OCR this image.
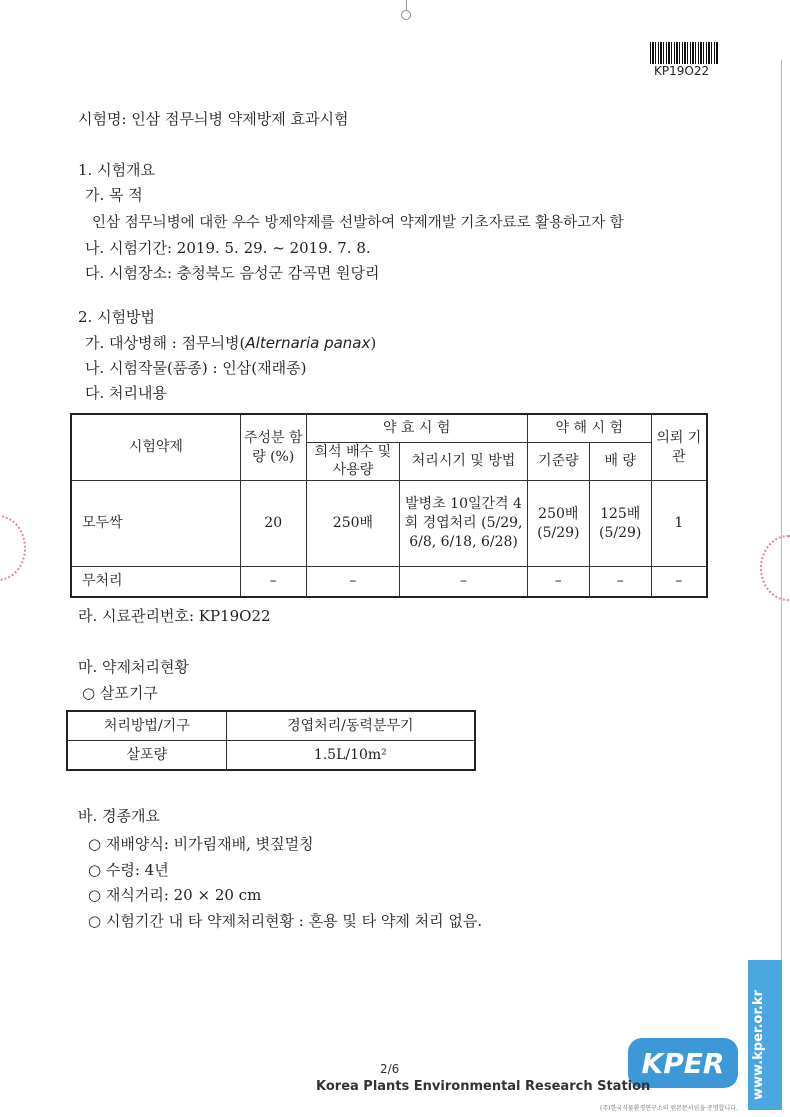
KP19O22
시험명: 인삼 점무늬병 약제방제 효과시험
1. 시험개요
가. 목 적
인삼 점무늬병에 대한 우수 방제약제를 선발하여 약제개발 기초자료로 활용하고자 함
나. 시험기간: 2019. 5. 29. ~ 2019. 7. 8.
다. 시험장소: 충청북도 음성군 감곡면 원당리
2. 시험방법
가. 대상병해 : 점무늬병(Alternaria panax)
나. 시험작물(품종) : 인삼(재래종)
다. 처리내용
시험약제	주성분 함량 (%)	약 효 시 험		약 해 시 험		의뢰 기관
		희석 배수 및 사용량	처리시기 및 방법	기준량	배 량	
모두싹	20	250배	발병초 10일간격 4회 경엽처리 (5/29, 6/8, 6/18, 6/28)	250배 (5/29)	125배 (5/29)	1
무처리	–	–	–	–	–	–
라. 시료관리번호: KP19O22
마. 약제처리현황
○ 살포기구
처리방법/기구	경엽처리/동력분무기
살포량	1.5L/10m²
바. 경종개요
○ 재배양식: 비가림재배, 볏짚멀칭
○ 수령: 4년
○ 재식거리: 20 × 20 cm
○ 시험기간 내 타 약제처리현황 : 혼용 및 타 약제 처리 없음.
www.kper.or.kr
KPER
2/6
Korea Plants Environmental Research Station
(주)한국식물환경연구소의 원본문서임을 증명합니다.
